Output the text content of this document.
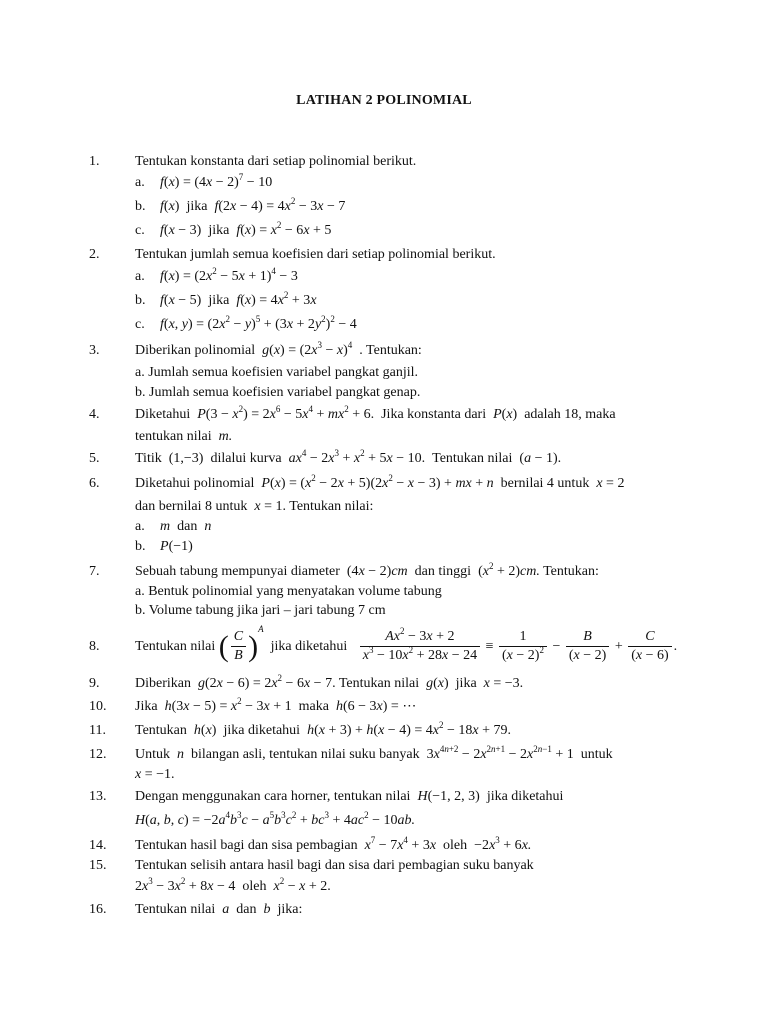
LATIHAN 2 POLINOMIAL
1.	Tentukan konstanta dari setiap polinomial berikut.
a. $f(x) = (4x - 2)^7 - 10$
b. f(x)  jika  $f(2x - 4) = 4x^2 - 3x - 7$
c. f(x − 3)  jika  $f(x) = x^2 - 6x + 5$
2.	Tentukan jumlah semua koefisien dari setiap polinomial berikut.
a. $f(x) = (2x^2 - 5x + 1)^4 - 3$
b. f(x − 5)  jika  $f(x) = 4x^2 + 3x$
c. f(x, $y) = (2x^2 - y)^5 + (3x + 2y^2)^2 - 4$
3.	Diberikan polinomial $g(x) = (2x^3 - x)^4$ . Tentukan:
a. Jumlah semua koefisien variabel pangkat ganjil.
b. Jumlah semua koefisien variabel pangkat genap.
4.	Diketahui $P(3 - x^2) = 2x^6 - 5x^4 + mx^2 + 6$. Jika konstanta dari P(x)  adalah 18, maka
tentukan nilai m.
5.	Titik (1,−3) dilalui kurva $ax^4 - 2x^3 + x^2 + 5x - 10$. Tentukan nilai (a − 1).
6.	Diketahui polinomial $P(x) = (x^2 - 2x + 5)(2x^2 - x - 3)$ + mx + n bernilai 4 untuk x = 2
dan bernilai 8 untuk x = 1. Tentukan nilai:
a. m dan n
b. P(−1)
7.	Sebuah tabung mempunyai diameter (4x − 2)cm dan tinggi $(x^2 + 2)cm$. Tentukan:
a. Bentuk polinomial yang menyatakan volume tabung
b. Volume tabung jika jari – jari tabung 7 cm
8.	Tentukan nilai ( $\frac{C}{B} )^A$  jika diketahui $\frac{Ax^2 - 3x + 2}{x^3 - 10x^2 + 28x - 24} \equiv \frac{1}{(x - 2)^2} - \frac{B}{(x - 2)} + \frac{C}{(x - 6)}$ .
9.	Diberikan $g(2x - 6) = 2x^2 - 6x - 7$. Tentukan nilai g(x) jika x = −3.
10. Jika $h(3x - 5) = x^2 - 3x + 1$ maka h(6 − 3x) = ⋯
11. Tentukan h(x) jika diketahui $h(x + 3) + h(x - 4) = 4x^2 - 18x + 79$.
12. Untuk n bilangan asli, tentukan nilai suku banyak $3x^{4n+2} - 2x^{2n+1} - 2x^{2n-1} + 1$ untuk
x = −1.
13. Dengan menggunakan cara horner, tentukan nilai H(−1, 2, 3) jika diketahui
H(a, b, $c) = -2a^4b^3c - a^5b^3c^2 + bc^3 + 4ac^2 - 10ab$.
14. Tentukan hasil bagi dan sisa pembagian $x^7 - 7x^4 + 3x$ oleh $-2x^3 + 6x$.
15. Tentukan selisih antara hasil bagi dan sisa dari pembagian suku banyak
$2x^3 - 3x^2 + 8x - 4$ oleh $x^2 - x + 2$.
16. Tentukan nilai a dan b jika:
